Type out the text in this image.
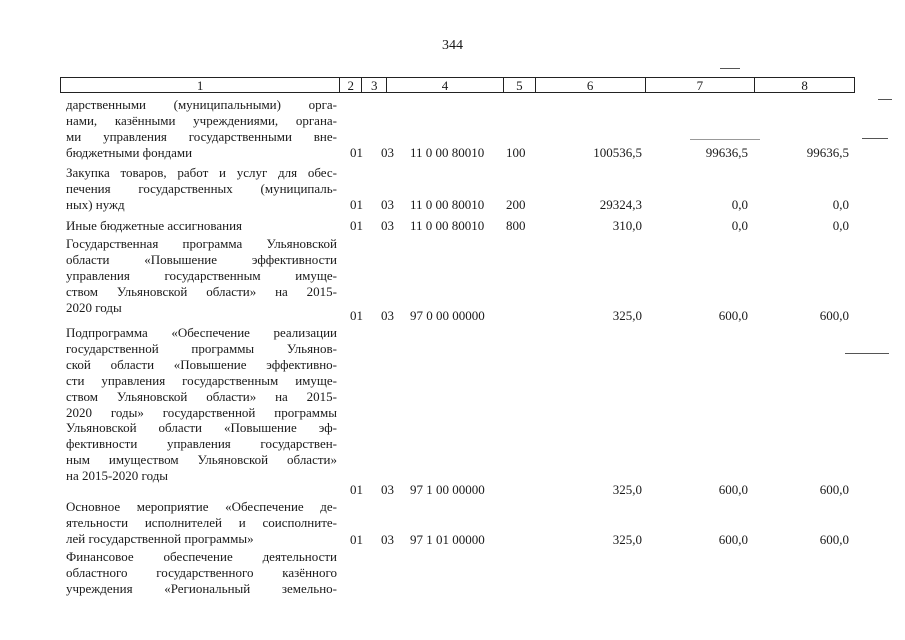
344
1	2	3	4	5	6	7	8
дарственными (муниципальными) орга-
нами, казёнными учреждениями, органа-
ми управления государственными вне-
бюджетными фондами	01 03 11 0 00 80010 100	100536,5	99636,5	99636,5
Закупка товаров, работ и услуг для обес-
печения государственных (муниципаль-
ных) нужд	01 03 11 0 00 80010 200	29324,3	0,0	0,0
Иные бюджетные ассигнования	01 03 11 0 00 80010 800	310,0	0,0	0,0
Государственная программа Ульяновской
области «Повышение эффективности
управления государственным имуще-
ством Ульяновской области» на 2015-
2020 годы
01 03 97 0 00 00000	325,0	600,0	600,0
Подпрограмма «Обеспечение реализации
государственной программы Ульянов-
ской области «Повышение эффективно-
сти управления государственным имуще-
ством Ульяновской области» на 2015-
2020 годы» государственной программы
Ульяновской области «Повышение эф-
фективности управления государствен-
ным имуществом Ульяновской области»
на 2015-2020 годы
01 03 97 1 00 00000	325,0	600,0	600,0
Основное мероприятие «Обеспечение де-
ятельности исполнителей и соисполните-
лей государственной программы»	01 03 97 1 01 00000	325,0	600,0	600,0
Финансовое обеспечение деятельности
областного государственного казённого
учреждения «Региональный земельно-
